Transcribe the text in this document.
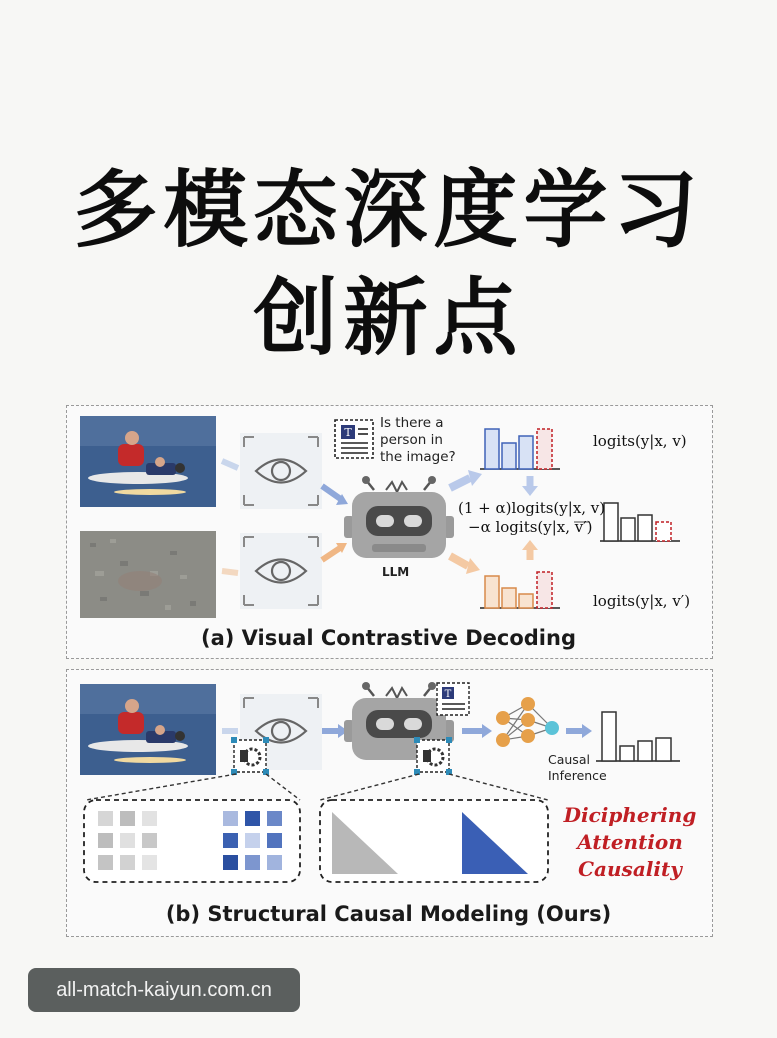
多模态深度学习
创新点
T
Is there a
person in
the image?
LLM
(1 + α)logits(y|x, v)
−α logits(y|x, v′)
logits(y|x, v)
logits(y|x, v′)
(a) Visual Contrastive Decoding
T
Causal
Inference
Diciphering
Attention
Causality
(b) Structural Causal Modeling (Ours)
all-match-kaiyun.com.cn
